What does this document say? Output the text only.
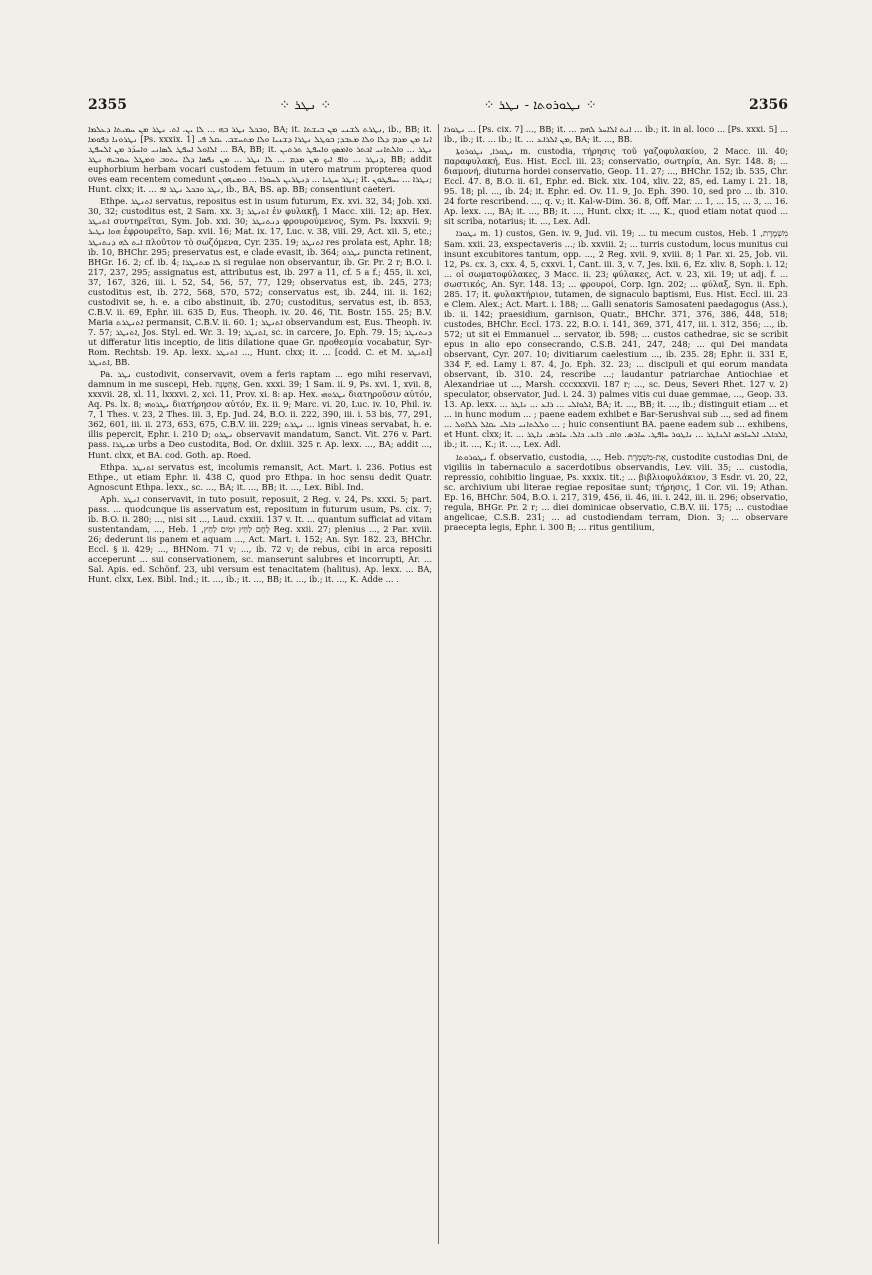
2355	⁘ ܢܛܪ ⁘	⁘ ܢܛܘܪܘܬܐ - ܢܛܪ ⁘	2356

ܘܒܟܠ ܢܛܪ ܒܗ ... ܠܐ ܝܢ. ܐܬ. ܢܛܪ ܡܢ ܚܡܝܬܐ ܕܥܠܡܐ, BA; it. ܢܛܪܬ ܠܫܢܝ ܡܢ ܒܝܫܬܐ, ib., BB; it. ܢܛܪܘܢܐ ܕܦܘܡܐ [Ps. xxxix. 1] ܐܢܐ ܡܢ ܡܕܡ ܕܠܐ ܘܠܐ ܡܥܒܕ; ܒܘܛܠ ܢܛܪܐ ܕܫܢܝܐ ܘܠܐ ܡܬܚܫܒ. ܝܩܠ ܦܝ ܐܠܐܘܠ ܐܚܦܛ ܠܣܐܢܝ ܘܐܚܕ̈ܪ ܡܢ ܐܠܚܦܛ ... BA, BB; it. ܢܛܪ ... ܘܐܠܬܐܢܝ ܐܟܬܪ ܘܐܡܣܟ ܘܐܚܦܛ ܬܪܬܝܢ ܕܢܛܪ ... ܘܐܦ ܐܝܟ ܡܢ ܡܕܡ ... ܠܐ ܢܛܪ ... ܡܢ ܢܦܣܐ ܕܠܐ ܝܬܘܒ ܘܡܛܠ ܚܘܒܝܗ ܢܛܪ, BB; addit euphorbium herbam vocari custodem fetuum in utero matrum propterea quod oves eam recentem comedunt ܢܛܪ ܚܛܝܐ ... ܕܢܛܪܝܢ ܠܚܘܪܐ ... ܘܡܢܗܘܢ; it. ܢܛܪܐ ... ܝܚܦܛܘܢ; Hunt. clxx; it. ... ܢܛܪ ܘܒܟܠ ܢܛܪ ܐܦ, ib., BA, BS. ap. BB; consentiunt caeteri.

Ethpe. ܐܬܢܛܪ servatus, repositus est in usum futurum, Ex. xvi. 32, 34; Job. xxi. 30, 32; custoditus est, 2 Sam. xx. 3; ܐܬܢܛܪ ἐν φυλακῇ, 1 Macc. xiii. 12; ap. Hex. ܐܬܢܛܪ συντηρεῖται, Sym. Job. xxi. 30; ܕܢܬܢܛܪ φρουρούμενος, Sym. Ps. lxxxvii. 9; ܗܘܐ ܢܛܝܪ ἐφρουρεῖτο, Sap. xvii. 16; Mat. ix. 17, Luc. v. 38, viii. 29, Act. xii. 5, etc.; ܐܝܬ ܠܗ ܕܢܬܢܛܪ πλοῦτον τὸ σωζόμενα, Cyr. 235. 19; ܐܬܢܛܪ res prolata est, Aphr. 18; ib. 10, BHChr. 295; preservatus est, e clade evasit, ib. 364; ܢܛܪܘ puncta retinent, BHGr. 16. 2; cf. ib. 4; ܠܐ ܡܬܢܛܪܐ si regulae non observantur, ib. Gr. Pr. 2 r; B.O. i. 217, 237, 295; assignatus est, attributus est, ib. 297 a 11, cf. 5 a f.; 455, ii. xci, 37, 167, 326, iii. i. 52, 54, 56, 57, 77, 129; observatus est, ib. 245, 273; custoditus est, ib. 272, 568, 570, 572; conservatus est, ib. 244, iii. ii. 162; custodivit se, h. e. a cibo abstinuit, ib. 270; custoditus, servatus est, ib. 853, C.B.V. ii. 69, Ephr. iii. 635 D, Eus. Theoph. iv. 20. 46, Tit. Bostr. 155. 25; B.V. Maria ܐܬܢܛܪܬ permansit, C.B.V. ii. 60. 1; ܐܬܢܛܪ observandum est, Eus. Theoph. iv. 7. 57; ܐܬܢܛܪ, Jos. Styl. ed. Wr. 3. 19; ܐܬܢܛܪ, sc. in carcere, Jo. Eph. 79. 15; ܕܢܬܢܛܪ ut differatur litis inceptio, de litis dilatione quae Gr. προθεσμία vocabatur, Syr-Rom. Rechtsb. 19. Ap. lexx. ܐܬܢܛܪ ..., Hunt. clxx; it. ... [codd. C. et M. ܐܬܢܛܪ] ܐܬܢܛܪ, BB.

Pa. ܢܛܪ custodivit, conservavit, ovem a feris raptam ... ego mihi reservavi, damnum in me suscepi, Heb. אֲחַטֶּנָּה, Gen. xxxi. 39; 1 Sam. ii. 9, Ps. xvi. 1, xvii. 8, xxxvii. 28, xl. 11, lxxxvi. 2, xci. 11, Prov. xi. 8: ap. Hex. ܢܛܪܘܗܝ διατηροῦσιν αὐτόν, Aq. Ps. lx. 8; ܢܛܪܘܗܝ διατήρησον αὐτόν, Ex. ii. 9; Marc. vi. 20, Luc. iv. 10, Phil. iv. 7, 1 Thes. v. 23, 2 Thes. iii. 3, Ep. Jud. 24, B.O. ii. 222, 390, iii. i. 53 bis, 77, 291, 362, 601, iii. ii. 273, 653, 675, C.B.V. iii. 229; ܢܛܪܬ ... ignis vineas servabat, h. e. illis pepercit, Ephr. i. 210 D; ܢܛܪܘ observavit mandatum, Sanct. Vit. 276 v. Part. pass. ܡܢܛܪܐ urbs a Deo custodita, Bod. Or. dxliii. 325 r. Ap. lexx. ..., BA; addit ..., Hunt. clxx, et BA. cod. Goth. ap. Roed.

Ethpa. ܐܬܢܛܪ servatus est, incolumis remansit, Act. Mart. i. 236. Potius est Ethpe., ut etiam Ephr. ii. 438 C, quod pro Ethpa. in hoc sensu dedit Quatr. Agnoscunt Ethpa. lexx., sc. ..., BA; it. ..., BB; it. ..., Lex. Bibl. Ind.

Aph. ܐܢܛܪ conservavit, in tuto posuit, reposuit, 2 Reg. v. 24, Ps. xxxi. 5; part. pass. ... quodcunque iis asservatum est, repositum in futurum usum, Ps. cix. 7; ib. B.O. ii. 280; ..., nisi sit ..., Laud. cxxiii. 137 v. It. ... quantum sufficiat ad vitam sustentandam, ..., Heb. לֶחֶם לַחַץ וּמַיִם לַחַץ, 1 Reg. xxii. 27; plenius ..., 2 Par. xviii. 26; dederunt iis panem et aquam ..., Act. Mart. i. 152; An. Syr. 182. 23, BHChr. Eccl. § ii. 429; ..., BHNom. 71 v; ..., ib. 72 v; de rebus, cibi in arca repositi acceperunt ... sui conservationem, sc. manserunt salubres et incorrupti, Ar. ... Sal. Apis. ed. Schönf. 23, ubi versum est tenacitatem (halitus). Ap. lexx. ... BA, Hunt. clxx, Lex. Bibl. Ind.; it. ..., ib.; it. ..., BB; it. ..., ib.; it. ..., K. Adde ... .

ܢܛܘܪܐ ... [Ps. cix. 7] ..., BB; it. ... ܐܢܬ ܐܠܐܚܪ ܠܗܡ ... ib.; it. in al. loco ... [Ps. xxxi. 5] ... ib., ib.; it. ... ib.; it. ... ܡܢ ܐܠܪܐܥ, BA; it. ..., BB.

ܢܛܘܪܐ, ܢܛܘܪܘܬܐ m. custodia, τήρησις τοῦ γαζοφυλακίου, 2 Macc. iii. 40; παραφυλακή, Eus. Hist. Eccl. iii. 23; conservatio, σωτηρία, An. Syr. 148. 8; ... διαμονή, diuturna hordei conservatio, Geop. 11. 27; ..., BHChr. 152; ib. 535, Chr. Eccl. 47. 8, B.O. ii. 61, Ephr. ed. Bick. xix. 104, xliv. 22, 85, ed. Lamy i. 21. 18, 95. 18; pl. ..., ib. 24; it. Ephr. ed. Ov. 11. 9, Jo. Eph. 390. 10, sed pro ... ib. 310. 24 forte rescribend. ..., q. v.; it. Kal-w-Dim. 36. 8, Off. Mar. ... 1, ... 15, ... 3, ... 16. Ap. lexx. ..., BA; it. ..., BB; it. ..., Hunt. clxx; it. ..., K., quod etiam notat quod ... sit scriba, notarius; it. ..., Lex. Adl.

ܢܛܘܪܐ m. 1) custos, Gen. iv. 9, Jud. vii. 19; ... tu mecum custos, Heb. מִשְׁמֶרֶת, 1 Sam. xxii. 23, exspectaveris ...; ib. xxviii. 2; ... turris custodum, locus munitus cui insunt excubitores tantum, opp. ..., 2 Reg. xvii. 9, xviii. 8; 1 Par. xi. 25, Job. vii. 12, Ps. cx. 3, cxx. 4, 5, cxxvi. 1, Cant. iii. 3, v. 7, Jes. lxii. 6, Ez. xliv. 8, Soph. i. 12; ... οἱ σωματοφύλακες, 3 Macc. ii. 23; φύλακες, Act. v. 23, xii. 19; ut adj. f. ... σωστικός, An. Syr. 148. 13; ... φρουροί, Corp. Ign. 202; ... φύλαξ, Syn. ii. Eph. 285. 17; it. φυλακτήριον, tutamen, de signaculo baptismi, Eus. Hist. Eccl. iii. 23 e Clem. Alex.; Act. Mart. i. 188; ... Galli senatoris Samosateni paedagogus (Ass.), ib. ii. 142; praesidium, garnison, Quatr., BHChr. 371, 376, 386, 448, 518; custodes, BHChr. Eccl. 173. 22, B.O. i. 141, 369, 371, 417, iii. i. 312, 356; ..., ib. 572; ut sit ei Emmanuel ... servator, ib. 598; ... custos cathedrae, sic se scribit epus in alio epo consecrando, C.S.B. 241, 247, 248; ... qui Dei mandata observant, Cyr. 207. 10; divitiarum caelestium ..., ib. 235. 28; Ephr. ii. 331 E, 334 F, ed. Lamy i. 87. 4, Jo. Eph. 32. 23; ... discipuli et qui eorum mandata observant, ib. 310. 24, rescribe ...; laudantur patriarchae Antiochiae et Alexandriae ut ..., Marsh. cccxxxvii. 187 r; ..., sc. Deus, Severi Rhet. 127 v. 2) speculator, observator, Jud. i. 24. 3) palmes vitis cui duae gemmae, ..., Geop. 33. 13. Ap. lexx. ... ܐܠܘܐܠܝ ... ܪܐܥ ... ܢܐܛܪ, BA; it. ..., BB; it. ..., ib.; distinguit etiam ... et ... in hunc modum ... ; paene eadem exhibet e Bar-Serushvai sub ..., sed ad finem ... ܘܠܠܬܐܢܝ ܟܐܠܝ ܝܩܐܠ ܠܠܐܘܠ ... ; huic consentiunt BA. paene eadem sub ... exhibens, et Hunt. clxx; it. ... ܐܠܟܐܠܝ ܐܠܚܐܪܣ ܐܠܢܐܛܪ ... ܢܐܛܘܪ ܚܐܦܛ. ܚܐܪܣ. ܘܐܩ. ܪܐܥ. ܟܐܠ. ܚܐܪܣ. ܢܐܛܪ, ib.; it. ..., K.; it. ..., Lex. Adl.

ܢܛܘܪܘܬܐ f. observatio, custodia, ..., Heb. אֶת-מִשְׁמֶרֶת, custodite custodias Dni, de vigiliis in tabernaculo a sacerdotibus observandis, Lev. viii. 35; ... custodia, repressio, cohibitio linguae, Ps. xxxix. tit.; ... βιβλιοφυλάκιον, 3 Esdr. vi. 20, 22, sc. archivium ubi literae regiae repositae sunt; τήρησις, 1 Cor. vii. 19; Athan. Ep. 16, BHChr. 504, B.O. i. 217, 319, 456, ii. 46, iii. i. 242, iii. ii. 296; observatio, regula, BHGr. Pr. 2 r; ... diei dominicae observatio, C.B.V. iii. 175; ... custodiae angelicae, C.S.B. 231; ... ad custodiendam terram, Dion. 3; ... observare praecepta legis, Ephr. i. 300 B; ... ritus gentilium,
